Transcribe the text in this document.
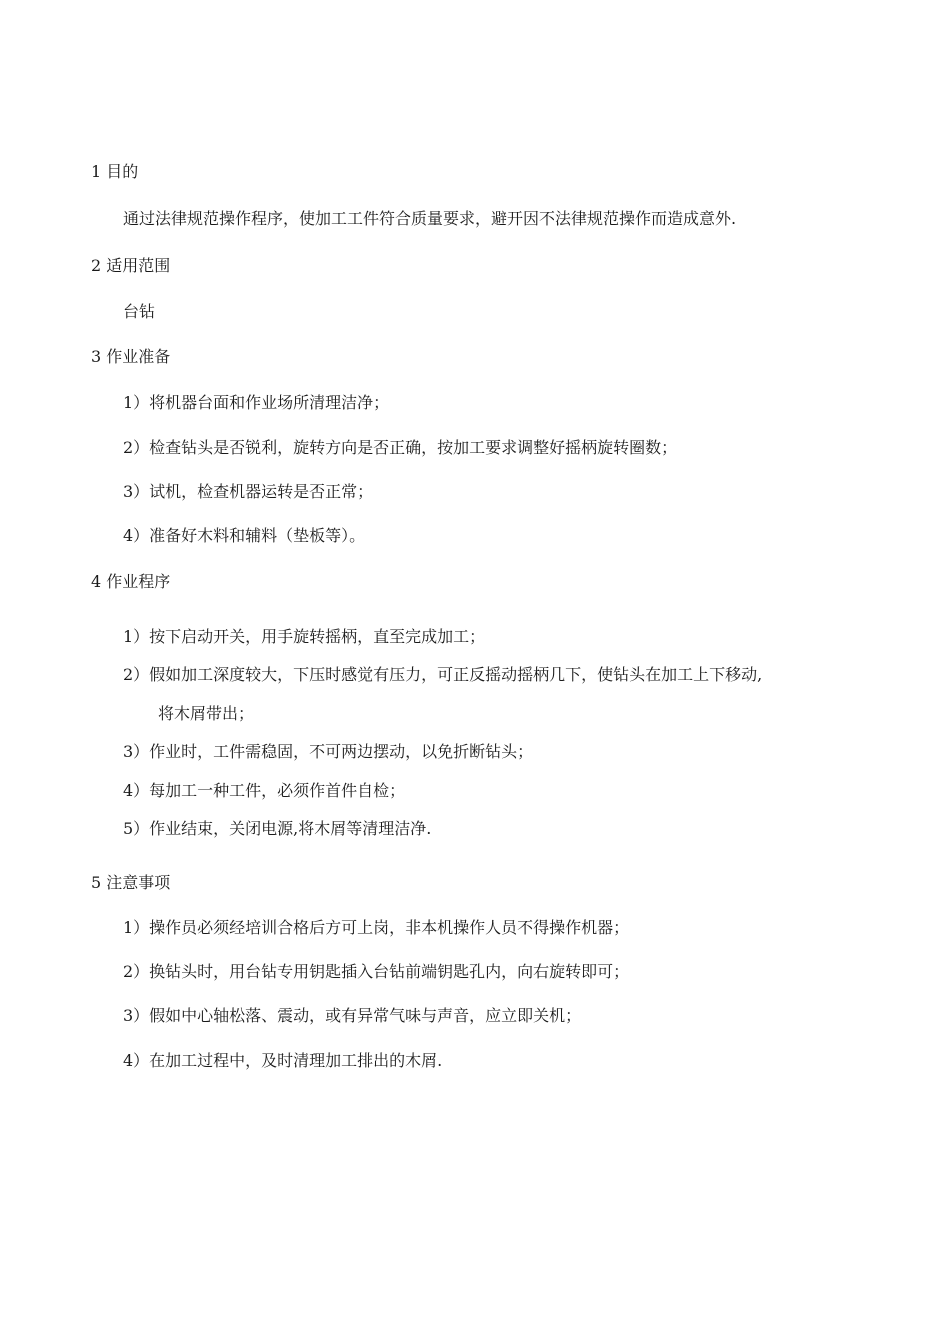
1 目的
通过法律规范操作程序，使加工工件符合质量要求，避开因不法律规范操作而造成意外.
2 适用范围
台钻
3 作业准备
1）将机器台面和作业场所清理洁净；
2）检查钻头是否锐利，旋转方向是否正确，按加工要求调整好摇柄旋转圈数；
3）试机，检查机器运转是否正常；
4）准备好木料和辅料（垫板等）。
4 作业程序
1）按下启动开关，用手旋转摇柄，直至完成加工；
2）假如加工深度较大，下压时感觉有压力，可正反摇动摇柄几下，使钻头在加工上下移动,
将木屑带出；
3）作业时，工件需稳固，不可两边摆动，以免折断钻头；
4）每加工一种工件，必须作首件自检；
5）作业结束，关闭电源,将木屑等清理洁净.
5 注意事项
1）操作员必须经培训合格后方可上岗，非本机操作人员不得操作机器；
2）换钻头时，用台钻专用钥匙插入台钻前端钥匙孔内，向右旋转即可；
3）假如中心轴松落、震动，或有异常气味与声音，应立即关机；
4）在加工过程中，及时清理加工排出的木屑.
